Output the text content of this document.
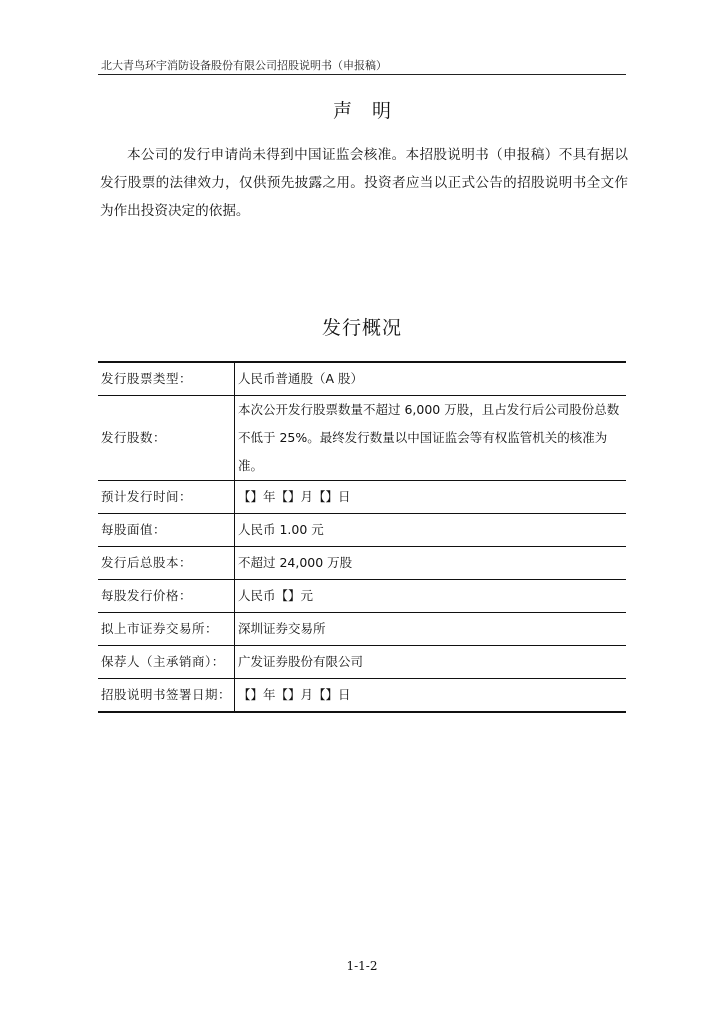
北大青鸟环宇消防设备股份有限公司招股说明书（申报稿）
声明

本公司的发行申请尚未得到中国证监会核准。本招股说明书（申报稿）不具有据以发行股票的法律效力，仅供预先披露之用。投资者应当以正式公告的招股说明书全文作为作出投资决定的依据。

发行概况
发行股票类型：	人民币普通股（A 股）
发行股数：	本次公开发行股票数量不超过 6,000 万股，且占发行后公司股份总数不低于 25%。最终发行数量以中国证监会等有权监管机关的核准为准。
预计发行时间：	【】年【】月【】日
每股面值：	人民币 1.00 元
发行后总股本：	不超过 24,000 万股
每股发行价格：	人民币【】元
拟上市证券交易所：	深圳证券交易所
保荐人（主承销商）：	广发证券股份有限公司
招股说明书签署日期：	【】年【】月【】日
1-1-2
